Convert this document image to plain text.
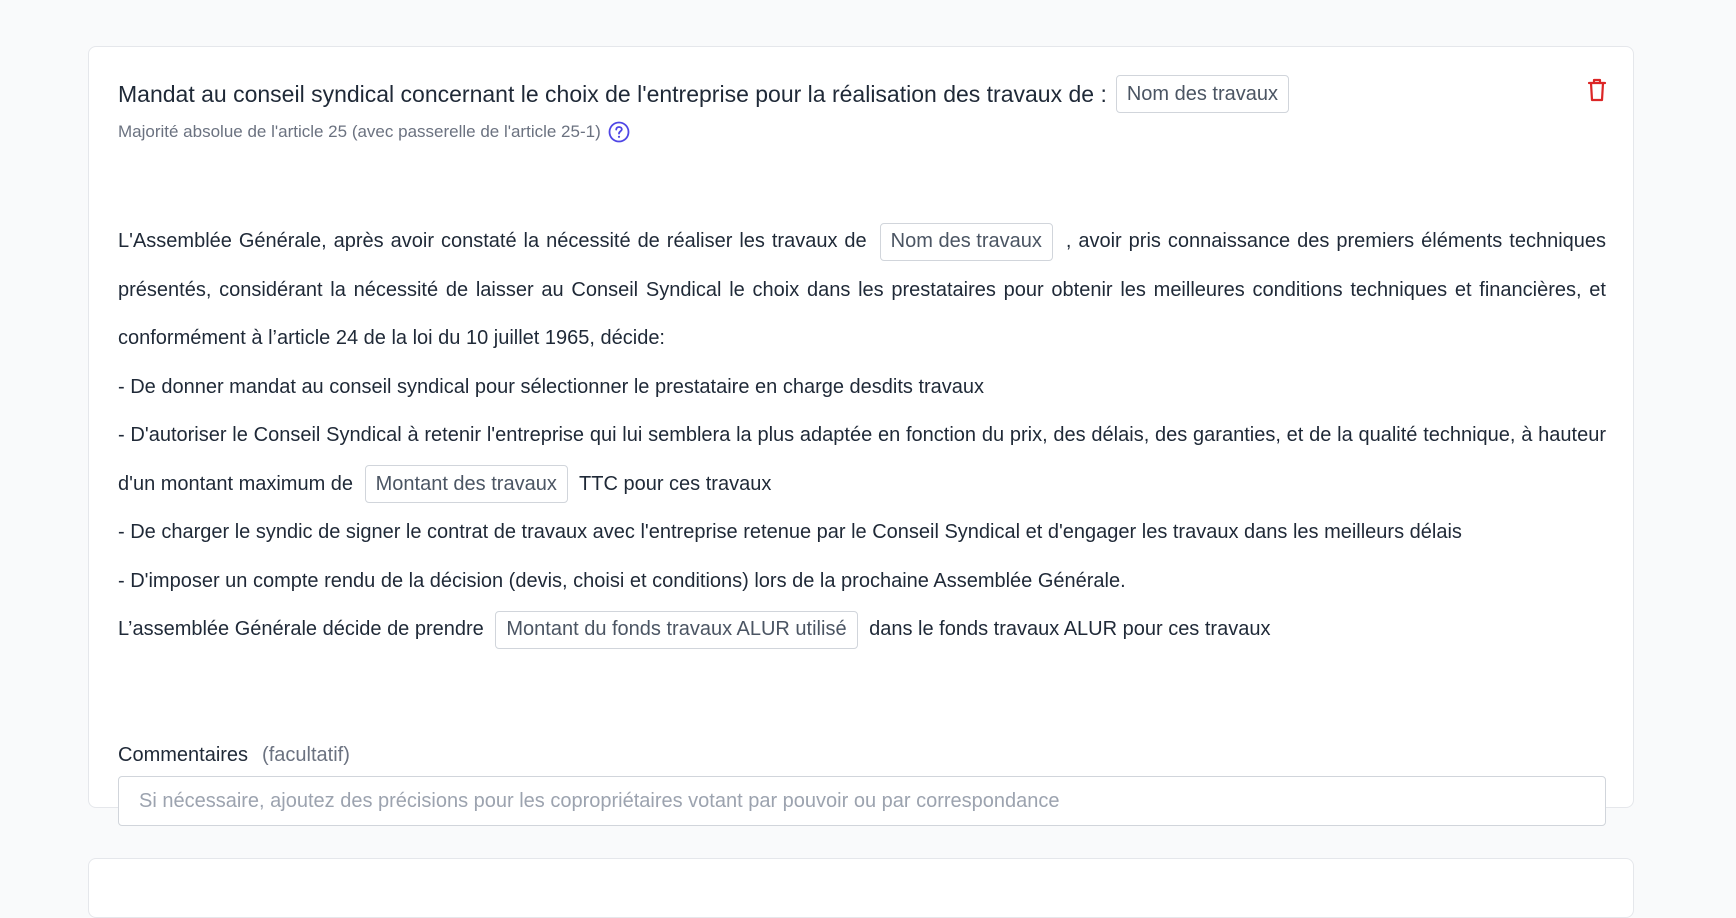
Mandat au conseil syndical concernant le choix de l'entreprise pour la réalisation des travaux de :	Nom des travaux
Majorité absolue de l'article 25 (avec passerelle de l'article 25-1)

L'Assemblée Générale, après avoir constaté la nécessité de réaliser les travaux de Nom des travaux , avoir pris connaissance des premiers éléments techniques présentés, considérant la nécessité de laisser au Conseil Syndical le choix dans les prestataires pour obtenir les meilleures conditions techniques et financières, et conformément à l’article 24 de la loi du 10 juillet 1965, décide:

- De donner mandat au conseil syndical pour sélectionner le prestataire en charge desdits travaux

- D'autoriser le Conseil Syndical à retenir l'entreprise qui lui semblera la plus adaptée en fonction du prix, des délais, des garanties, et de la qualité technique, à hauteur d'un montant maximum de Montant des travaux TTC pour ces travaux

- De charger le syndic de signer le contrat de travaux avec l'entreprise retenue par le Conseil Syndical et d'engager les travaux dans les meilleurs délais

- D'imposer un compte rendu de la décision (devis, choisi et conditions) lors de la prochaine Assemblée Générale.

L’assemblée Générale décide de prendre Montant du fonds travaux ALUR utilisé dans le fonds travaux ALUR pour ces travaux

Commentaires (facultatif)
Si nécessaire, ajoutez des précisions pour les copropriétaires votant par pouvoir ou par correspondance
